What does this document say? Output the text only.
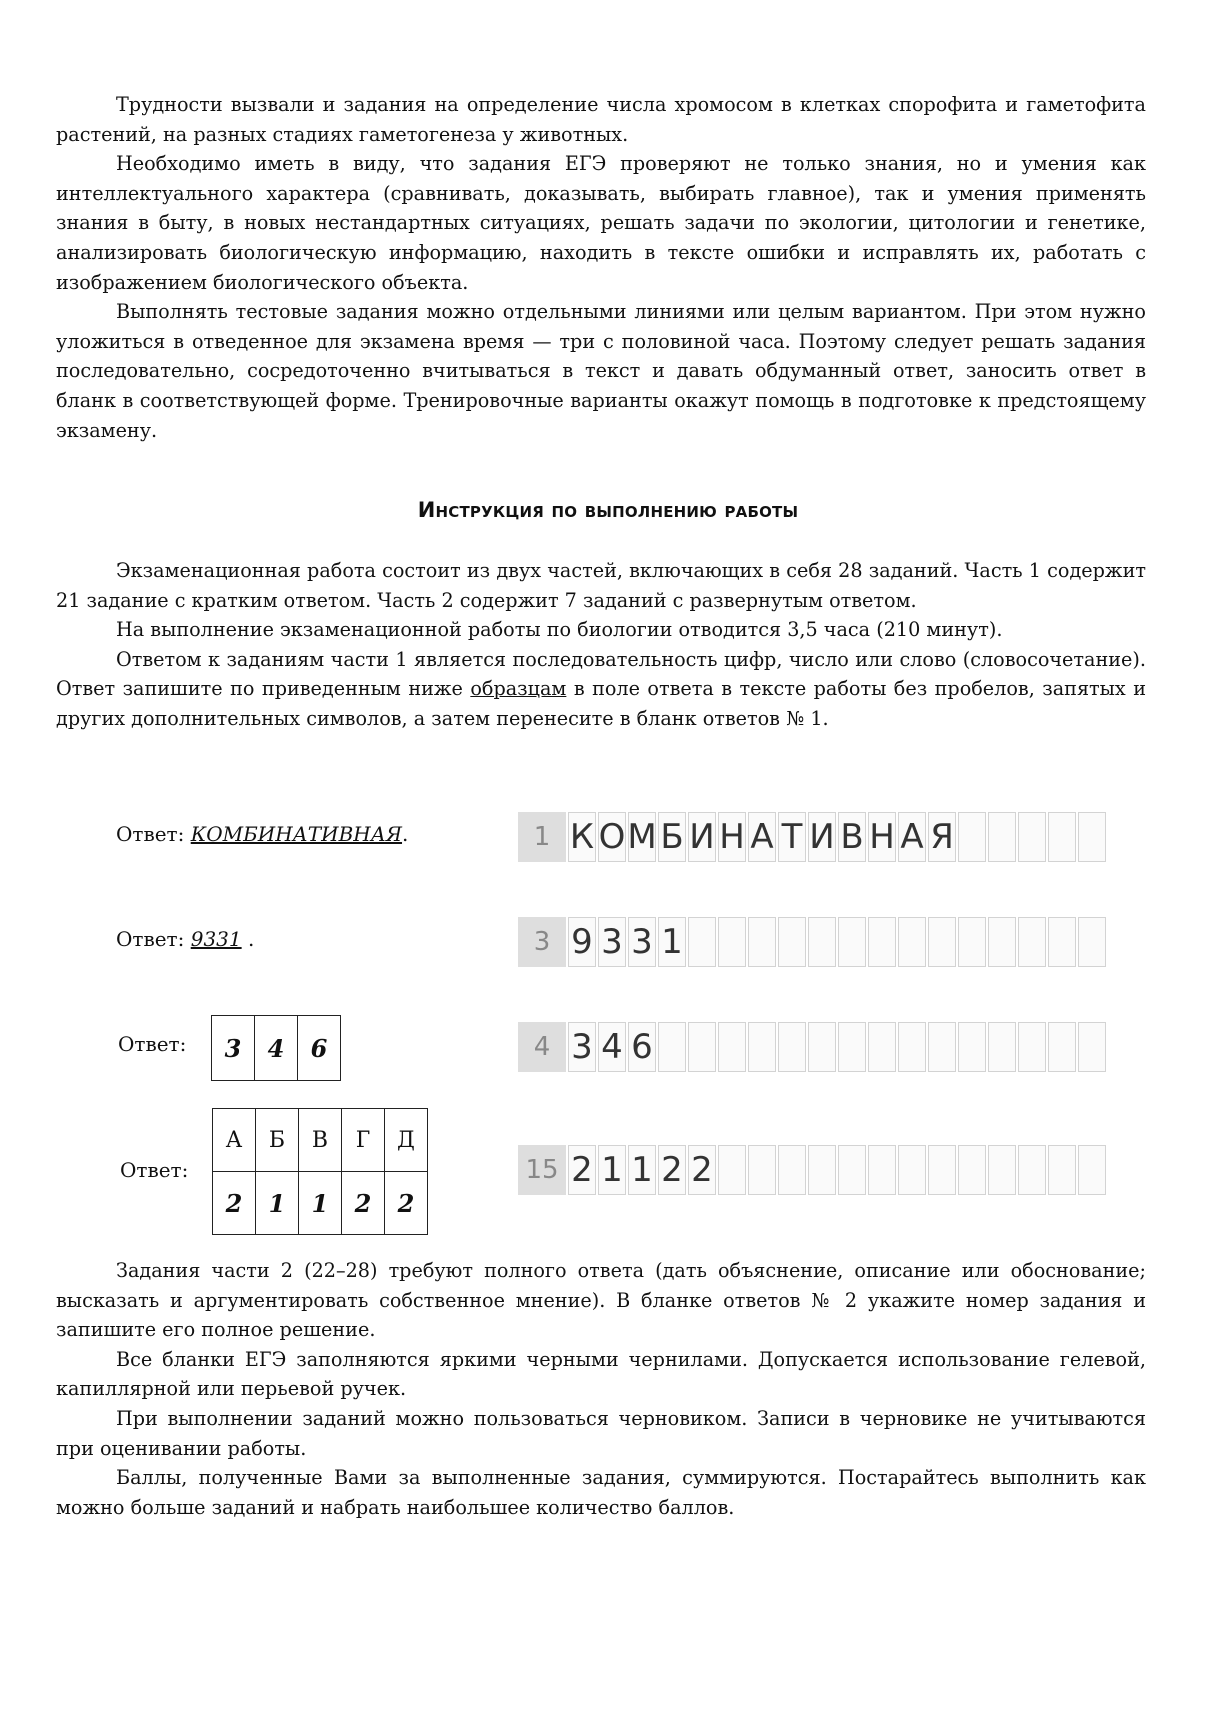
Трудности вызвали и задания на определение числа хромосом в клетках спорофита и гаметофита растений, на разных стадиях гаметогенеза у животных.

Необходимо иметь в виду, что задания ЕГЭ проверяют не только знания, но и умения как интеллектуального характера (сравнивать, доказывать, выбирать главное), так и умения применять знания в быту, в новых нестандартных ситуациях, решать задачи по экологии, цитологии и генетике, анализировать биологическую информацию, находить в тексте ошибки и исправлять их, работать с изображением биологического объекта.

Выполнять тестовые задания можно отдельными линиями или целым вариантом. При этом нужно уложиться в отведенное для экзамена время — три с половиной часа. Поэтому следует решать задания последовательно, сосредоточенно вчитываться в текст и давать обдуманный ответ, заносить ответ в бланк в соответствующей форме. Тренировочные варианты окажут помощь в подготовке к предстоящему экзамену.

Инструкция по выполнению работы

Экзаменационная работа состоит из двух частей, включающих в себя 28 заданий. Часть 1 содержит 21 задание с кратким ответом. Часть 2 содержит 7 заданий с развернутым ответом.

На выполнение экзаменационной работы по биологии отводится 3,5 часа (210 минут).

Ответом к заданиям части 1 является последовательность цифр, число или слово (словосочетание). Ответ запишите по приведенным ниже образцам в поле ответа в тексте работы без пробелов, запятых и других дополнительных символов, а затем перенесите в бланк ответов № 1.

Ответ: КОМБИНАТИВНАЯ.	1 К О М Б И Н А Т И В Н А Я
Ответ: 9331 .	3 9 3 3 1
Ответ:	3	4	6	4 3 4 6
Ответ:
А	Б	В	Г	Д
2	1	1	2	2
15 2 1 1 2 2

Задания части 2 (22–28) требуют полного ответа (дать объяснение, описание или обоснование; высказать и аргументировать собственное мнение). В бланке ответов № 2 укажите номер задания и запишите его полное решение.

Все бланки ЕГЭ заполняются яркими черными чернилами. Допускается использование гелевой, капиллярной или перьевой ручек.

При выполнении заданий можно пользоваться черновиком. Записи в черновике не учитываются при оценивании работы.

Баллы, полученные Вами за выполненные задания, суммируются. Постарайтесь выполнить как можно больше заданий и набрать наибольшее количество баллов.
